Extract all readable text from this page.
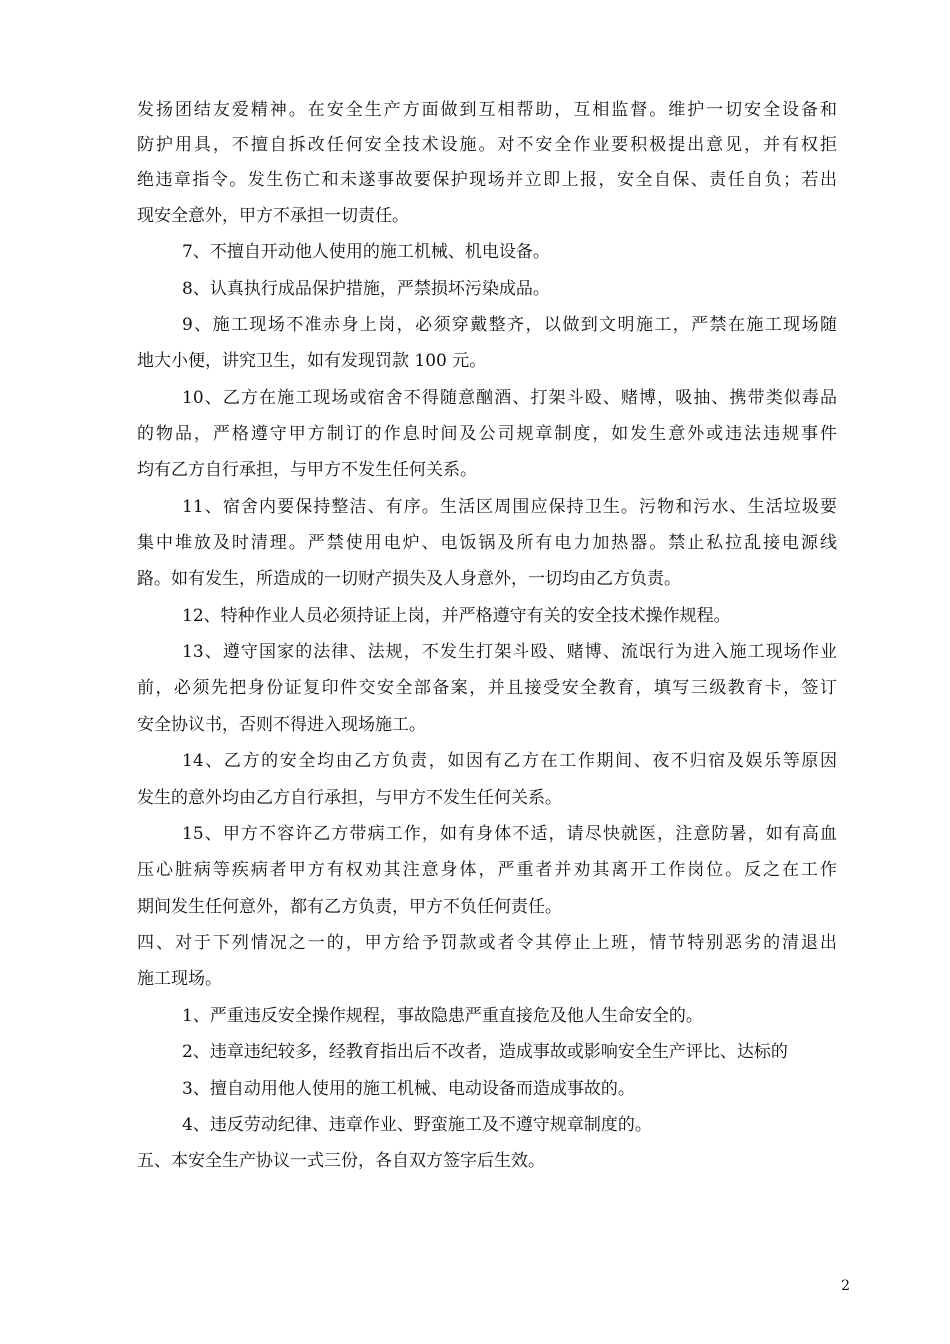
发扬团结友爱精神。在安全生产方面做到互相帮助，互相监督。维护一切安全设备和
防护用具，不擅自拆改任何安全技术设施。对不安全作业要积极提出意见，并有权拒
绝违章指令。发生伤亡和未遂事故要保护现场并立即上报，安全自保、责任自负；若出
现安全意外，甲方不承担一切责任。
7、不擅自开动他人使用的施工机械、机电设备。
8、认真执行成品保护措施，严禁损坏污染成品。
9、施工现场不准赤身上岗，必须穿戴整齐，以做到文明施工，严禁在施工现场随
地大小便，讲究卫生，如有发现罚款 100 元。
10、乙方在施工现场或宿舍不得随意酗酒、打架斗殴、赌博，吸抽、携带类似毒品
的物品，严格遵守甲方制订的作息时间及公司规章制度，如发生意外或违法违规事件
均有乙方自行承担，与甲方不发生任何关系。
11、宿舍内要保持整洁、有序。生活区周围应保持卫生。污物和污水、生活垃圾要
集中堆放及时清理。严禁使用电炉、电饭锅及所有电力加热器。禁止私拉乱接电源线
路。如有发生，所造成的一切财产损失及人身意外，一切均由乙方负责。
12、特种作业人员必须持证上岗，并严格遵守有关的安全技术操作规程。
13、遵守国家的法律、法规，不发生打架斗殴、赌博、流氓行为进入施工现场作业
前，必须先把身份证复印件交安全部备案，并且接受安全教育，填写三级教育卡，签订
安全协议书，否则不得进入现场施工。
14、乙方的安全均由乙方负责，如因有乙方在工作期间、夜不归宿及娱乐等原因
发生的意外均由乙方自行承担，与甲方不发生任何关系。
15、甲方不容许乙方带病工作，如有身体不适，请尽快就医，注意防暑，如有高血
压心脏病等疾病者甲方有权劝其注意身体，严重者并劝其离开工作岗位。反之在工作
期间发生任何意外，都有乙方负责，甲方不负任何责任。
四、对于下列情况之一的，甲方给予罚款或者令其停止上班，情节特别恶劣的清退出
施工现场。
1、严重违反安全操作规程，事故隐患严重直接危及他人生命安全的。
2、违章违纪较多，经教育指出后不改者，造成事故或影响安全生产评比、达标的
3、擅自动用他人使用的施工机械、电动设备而造成事故的。
4、违反劳动纪律、违章作业、野蛮施工及不遵守规章制度的。
五、本安全生产协议一式三份，各自双方签字后生效。
2
